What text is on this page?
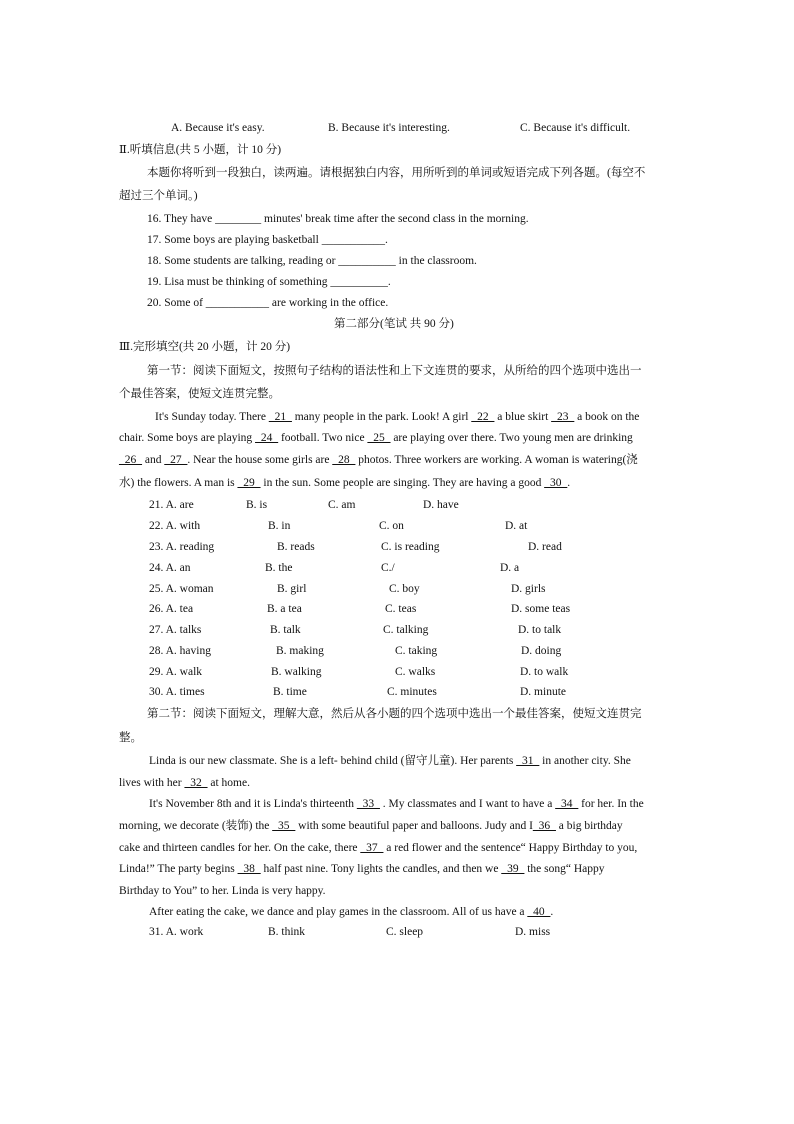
A. Because it's easy.	B. Because it's interesting.	C. Because it's difficult.
Ⅱ.听填信息(共 5 小题，计 10 分)
本题你将听到一段独白，读两遍。请根据独白内容，用所听到的单词或短语完成下列各题。(每空不
超过三个单词。)
16. They have ________ minutes' break time after the second class in the morning.
17. Some boys are playing basketball ___________.
18. Some students are talking, reading or __________ in the classroom.
19. Lisa must be thinking of something __________.
20. Some of ___________ are working in the office.
第二部分(笔试 共 90 分)
Ⅲ.完形填空(共 20 小题，计 20 分)
第一节：阅读下面短文，按照句子结构的语法性和上下文连贯的要求，从所给的四个选项中选出一
个最佳答案，使短文连贯完整。
It's Sunday today. There _21_ many people in the park. Look! A girl _22_ a blue skirt _23_ a book on the
chair. Some boys are playing _24_ football. Two nice _25_ are playing over there. Two young men are drinking
_26_ and _27_. Near the house some girls are _28_ photos. Three workers are working. A woman is watering(浇
水) the flowers. A man is _29_ in the sun. Some people are singing. They are having a good _30_.
21. A. are	B. is	C. am	D. have
22. A. with	B. in	C. on	D. at
23. A. reading	B. reads	C. is reading	D. read
24. A. an	B. the	C./	D. a
25. A. woman	B. girl	C. boy	D. girls
26. A. tea	B. a tea	C. teas	D. some teas
27. A. talks	B. talk	C. talking	D. to talk
28. A. having	B. making	C. taking	D. doing
29. A. walk	B. walking	C. walks	D. to walk
30. A. times	B. time	C. minutes	D. minute
第二节：阅读下面短文，理解大意，然后从各小题的四个选项中选出一个最佳答案，使短文连贯完
整。
Linda is our new classmate. She is a left- behind child (留守儿童). Her parents _31_ in another city. She
lives with her _32_ at home.
It's November 8th and it is Linda's thirteenth _33_ . My classmates and I want to have a _34_ for her. In the
morning, we decorate (装饰) the _35_ with some beautiful paper and balloons. Judy and I_36_ a big birthday
cake and thirteen candles for her. On the cake, there _37_ a red flower and the sentence“ Happy Birthday to you,
Linda!” The party begins _38_ half past nine. Tony lights the candles, and then we _39_ the song“ Happy
Birthday to You” to her. Linda is very happy.
After eating the cake, we dance and play games in the classroom. All of us have a _40_.
31. A. work	B. think	C. sleep	D. miss
